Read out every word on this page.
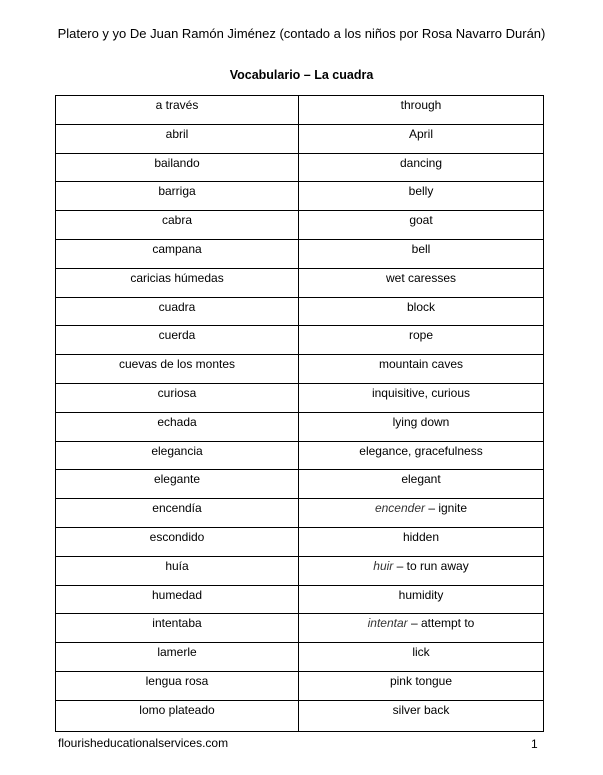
Platero y yo De Juan Ramón Jiménez (contado a los niños por Rosa Navarro Durán)
Vocabulario – La cuadra
a través	through

abril	April

bailando	dancing

barriga	belly

cabra	goat

campana	bell

caricias húmedas	wet caresses

cuadra	block

cuerda	rope

cuevas de los montes	mountain caves

curiosa	inquisitive, curious

echada	lying down

elegancia	elegance, gracefulness

elegante	elegant

encendía	encender – ignite

escondido	hidden

huía	huir – to run away

humedad	humidity

intentaba	intentar – attempt to

lamerle	lick

lengua rosa	pink tongue

lomo plateado	silver back
flourisheducationalservices.com	1
